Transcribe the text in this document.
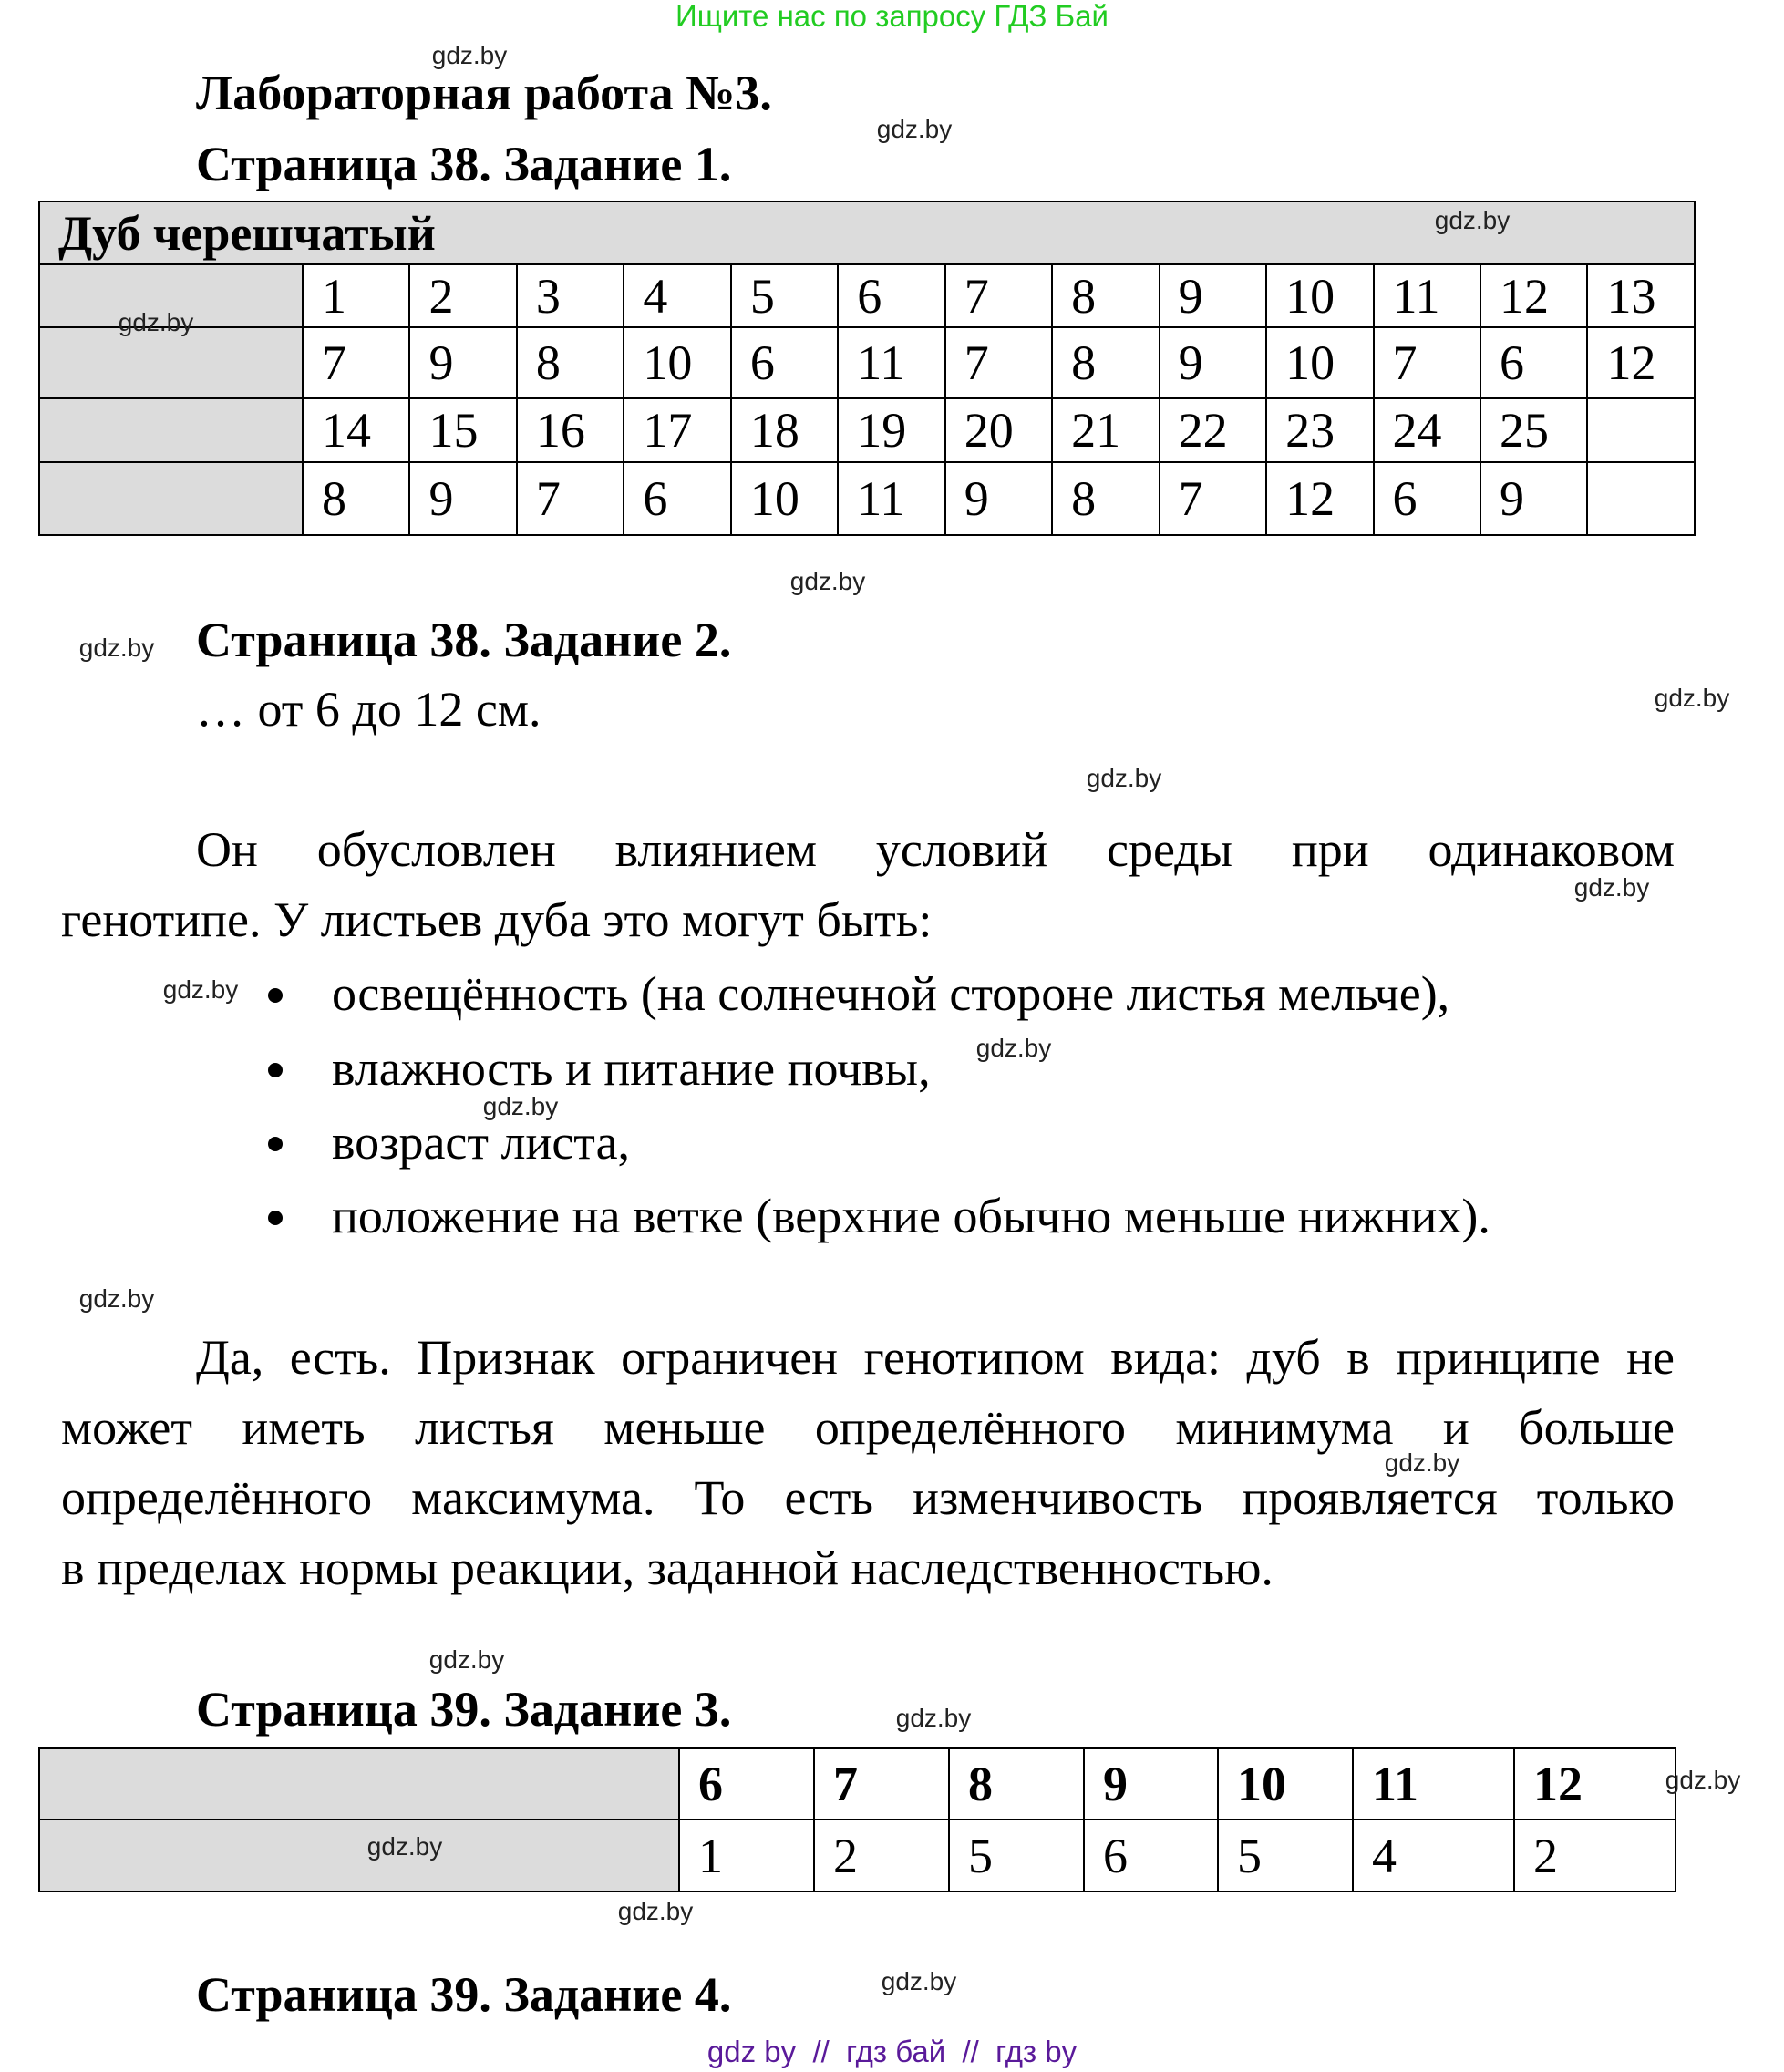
Ищите нас по запросу ГДЗ Бай
Лабораторная работа №3.
Страница 38. Задание 1.
Дуб черешчатый													
	1	2	3	4	5	6	7	8	9	10	11	12	13
	7	9	8	10	6	11	7	8	9	10	7	6	12
	14	15	16	17	18	19	20	21	22	23	24	25	
	8	9	7	6	10	11	9	8	7	12	6	9	
Страница 38. Задание 2.
… от 6 до 12 см.
Он обусловлен влиянием условий среды при одинаковом
генотипе. У листьев дуба это могут быть:
освещённость (на солнечной стороне листья мельче),
влажность и питание почвы,
возраст листа,
положение на ветке (верхние обычно меньше нижних).
Да, есть. Признак ограничен генотипом вида: дуб в принципе не
может иметь листья меньше определённого минимума и больше
определённого максимума. То есть изменчивость проявляется только
в пределах нормы реакции, заданной наследственностью.
Страница 39. Задание 3.
	6	7	8	9	10	11	12
	1	2	5	6	5	4	2
Страница 39. Задание 4.
gdz.by
gdz.by
gdz.by
gdz.by
gdz.by
gdz.by
gdz.by
gdz.by
gdz.by
gdz.by
gdz.by
gdz.by
gdz.by
gdz.by
gdz.by
gdz.by
gdz.by
gdz.by
gdz.by
gdz.by
gdz by  //  гдз бай  //  гдз by
